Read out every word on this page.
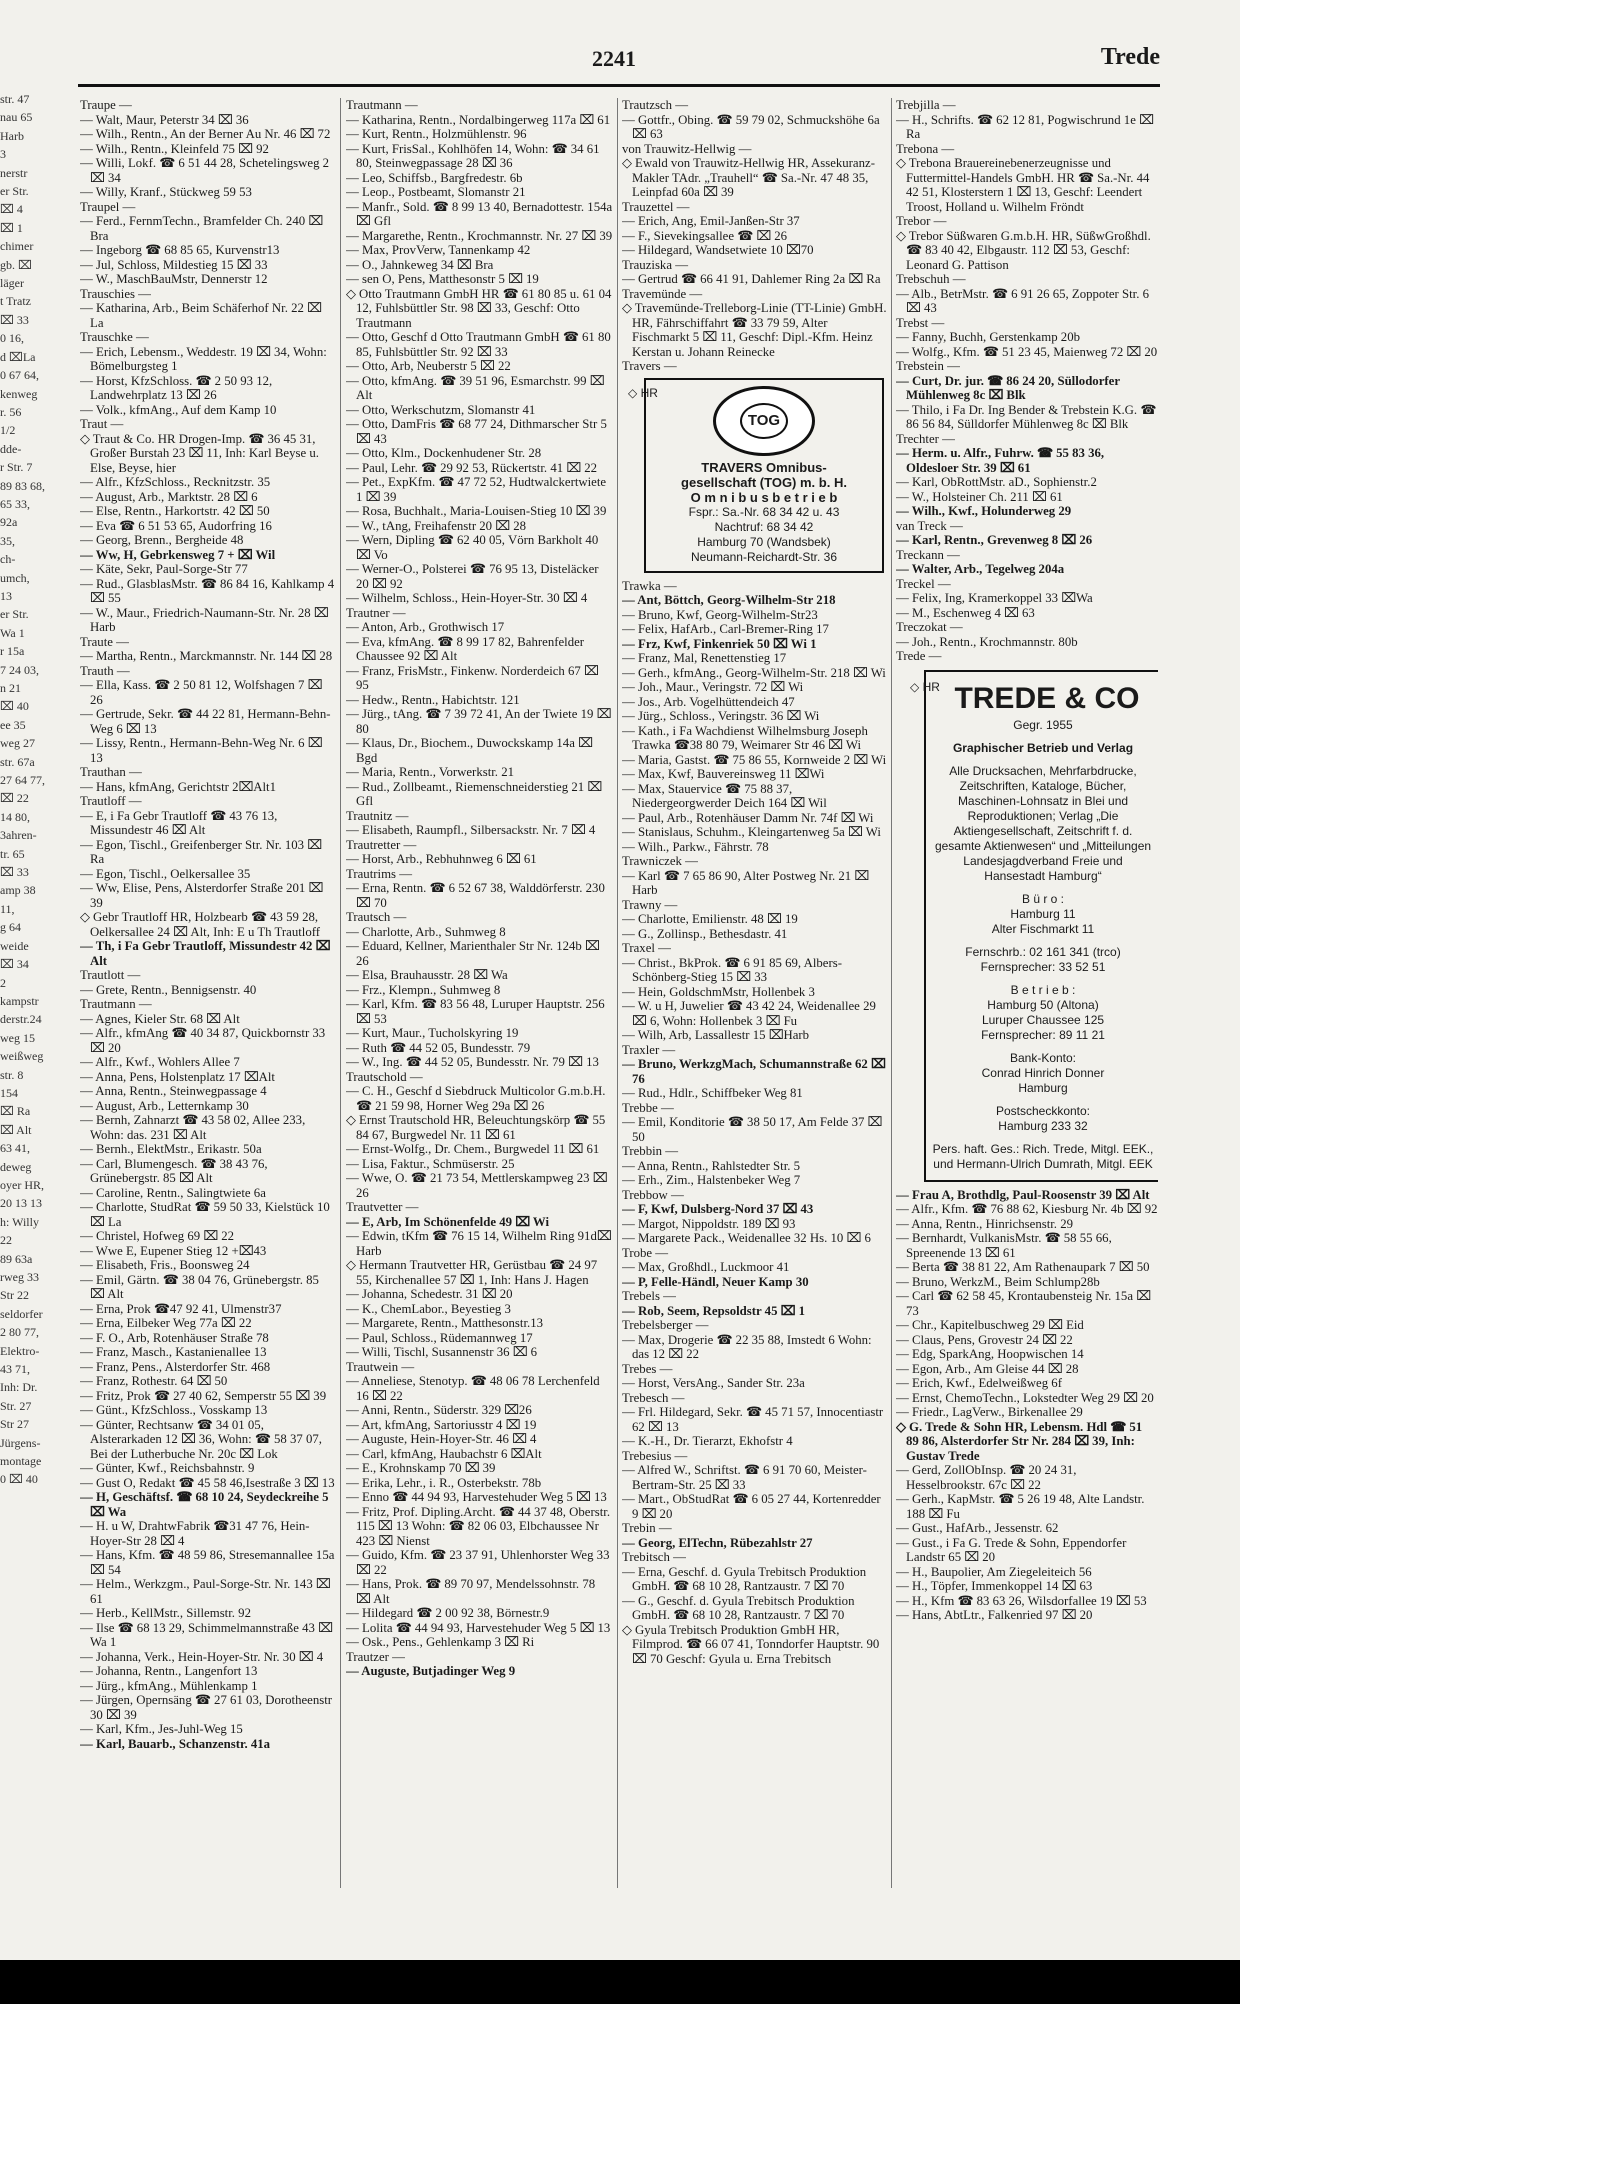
2241	Trede
str. 47
nau 65
Harb
3
nerstr
er Str.
⌧ 4
⌧ 1
chimer
gb. ⌧
läger
t Tratz
⌧ 33
0 16,
d ⌧La
0 67 64,
kenweg
r. 56
1/2
dde-
r Str. 7
89 83 68,
65 33,
92a
35,
ch-
umch,
13
er Str.
Wa 1
r 15a
7 24 03,
n 21
⌧ 40
ee 35
weg 27
str. 67a
27 64 77,
⌧ 22
14 80,
3ahren-
tr. 65
⌧ 33
amp 38
11,
g 64
weide
⌧ 34
2
kampstr
derstr.24
weg 15
weißweg
str. 8
154
⌧ Ra
⌧ Alt
63 41,
deweg
oyer HR,
20 13 13
h: Willy
22
89 63a
rweg 33
Str 22
seldorfer
2 80 77,
Elektro-
43 71,
Inh: Dr.
Str. 27
Str 27
Jürgens-
montage
0 ⌧ 40

Traupe —

— Walt, Maur, Peterstr 34 ⌧ 36

— Wilh., Rentn., An der Berner Au Nr. 46 ⌧ 72

— Wilh., Rentn., Kleinfeld 75 ⌧ 92

— Willi, Lokf. ☎ 6 51 44 28, Schetelingsweg 2 ⌧ 34

— Willy, Kranf., Stückweg 59 53

Traupel —

— Ferd., FernmTechn., Bramfelder Ch. 240 ⌧ Bra

— Ingeborg ☎ 68 85 65, Kurvenstr13

— Jul, Schloss, Mildestieg 15 ⌧ 33

— W., MaschBauMstr, Dennerstr 12

Trauschies —

— Katharina, Arb., Beim Schäferhof Nr. 22 ⌧ La

Trauschke —

— Erich, Lebensm., Weddestr. 19 ⌧ 34, Wohn: Bömelburgsteg 1

— Horst, KfzSchloss. ☎ 2 50 93 12, Landwehrplatz 13 ⌧ 26

— Volk., kfmAng., Auf dem Kamp 10

Traut —

◇ Traut & Co. HR Drogen-Imp. ☎ 36 45 31, Großer Burstah 23 ⌧ 11, Inh: Karl Beyse u. Else, Beyse, hier

— Alfr., KfzSchloss., Recknitzstr. 35

— August, Arb., Marktstr. 28 ⌧ 6

— Else, Rentn., Harkortstr. 42 ⌧ 50

— Eva ☎ 6 51 53 65, Audorfring 16

— Georg, Brenn., Bergheide 48

— Ww, H, Gebrkensweg 7 + ⌧ Wil

— Käte, Sekr, Paul-Sorge-Str 77

— Rud., GlasblasMstr. ☎ 86 84 16, Kahlkamp 4 ⌧ 55

— W., Maur., Friedrich-Naumann-Str. Nr. 28 ⌧ Harb

Traute —

— Martha, Rentn., Marckmannstr. Nr. 144 ⌧ 28

Trauth —

— Ella, Kass. ☎ 2 50 81 12, Wolfshagen 7 ⌧ 26

— Gertrude, Sekr. ☎ 44 22 81, Hermann-Behn-Weg 6 ⌧ 13

— Lissy, Rentn., Hermann-Behn-Weg Nr. 6 ⌧ 13

Trauthan —

— Hans, kfmAng, Gerichtstr 2⌧Alt1

Trautloff —

— E, i Fa Gebr Trautloff ☎ 43 76 13, Missundestr 46 ⌧ Alt

— Egon, Tischl., Greifenberger Str. Nr. 103 ⌧ Ra

— Egon, Tischl., Oelkersallee 35

— Ww, Elise, Pens, Alsterdorfer Straße 201 ⌧ 39

◇ Gebr Trautloff HR, Holzbearb ☎ 43 59 28, Oelkersallee 24 ⌧ Alt, Inh: E u Th Trautloff

— Th, i Fa Gebr Trautloff, Missundestr 42 ⌧ Alt

Trautlott —

— Grete, Rentn., Bennigsenstr. 40

Trautmann —

— Agnes, Kieler Str. 68 ⌧ Alt

— Alfr., kfmAng ☎ 40 34 87, Quickbornstr 33 ⌧ 20

— Alfr., Kwf., Wohlers Allee 7

— Anna, Pens, Holstenplatz 17 ⌧Alt

— Anna, Rentn., Steinwegpassage 4

— August, Arb., Letternkamp 30

— Bernh, Zahnarzt ☎ 43 58 02, Allee 233, Wohn: das. 231 ⌧ Alt

— Bernh., ElektMstr., Erikastr. 50a

— Carl, Blumengesch. ☎ 38 43 76, Grünebergstr. 85 ⌧ Alt

— Caroline, Rentn., Salingtwiete 6a

— Charlotte, StudRat ☎ 59 50 33, Kielstück 10 ⌧ La

— Christel, Hofweg 69 ⌧ 22

— Wwe E, Eupener Stieg 12 +⌧43

— Elisabeth, Fris., Boonsweg 24

— Emil, Gärtn. ☎ 38 04 76, Grünebergstr. 85 ⌧ Alt

— Erna, Prok ☎47 92 41, Ulmenstr37

— Erna, Eilbeker Weg 77a ⌧ 22

— F. O., Arb, Rotenhäuser Straße 78

— Franz, Masch., Kastanienallee 13

— Franz, Pens., Alsterdorfer Str. 468

— Franz, Rothestr. 64 ⌧ 50

— Fritz, Prok ☎ 27 40 62, Semperstr 55 ⌧ 39

— Günt., KfzSchloss., Vosskamp 13

— Günter, Rechtsanw ☎ 34 01 05, Alsterarkaden 12 ⌧ 36, Wohn: ☎ 58 37 07, Bei der Lutherbuche Nr. 20c ⌧ Lok

— Günter, Kwf., Reichsbahnstr. 9

— Gust O, Redakt ☎ 45 58 46,Isestraße 3 ⌧ 13

— H, Geschäftsf. ☎ 68 10 24, Seydeckreihe 5 ⌧ Wa

— H. u W, DrahtwFabrik ☎31 47 76, Hein-Hoyer-Str 28 ⌧ 4

— Hans, Kfm. ☎ 48 59 86, Stresemannallee 15a ⌧ 54

— Helm., Werkzgm., Paul-Sorge-Str. Nr. 143 ⌧ 61

— Herb., KellMstr., Sillemstr. 92

— Ilse ☎ 68 13 29, Schimmelmannstraße 43 ⌧ Wa 1

— Johanna, Verk., Hein-Hoyer-Str. Nr. 30 ⌧ 4

— Johanna, Rentn., Langenfort 13

— Jürg., kfmAng., Mühlenkamp 1

— Jürgen, Opernsäng ☎ 27 61 03, Dorotheenstr 30 ⌧ 39

— Karl, Kfm., Jes-Juhl-Weg 15

— Karl, Bauarb., Schanzenstr. 41a

Trautmann —

— Katharina, Rentn., Nordalbingerweg 117a ⌧ 61

— Kurt, Rentn., Holzmühlenstr. 96

— Kurt, FrisSal., Kohlhöfen 14, Wohn: ☎ 34 61 80, Steinwegpassage 28 ⌧ 36

— Leo, Schiffsb., Bargfredestr. 6b

— Leop., Postbeamt, Slomanstr 21

— Manfr., Sold. ☎ 8 99 13 40, Bernadottestr. 154a ⌧ Gfl

— Margarethe, Rentn., Krochmannstr. Nr. 27 ⌧ 39

— Max, ProvVerw, Tannenkamp 42

— O., Jahnkeweg 34 ⌧ Bra

— sen O, Pens, Matthesonstr 5 ⌧ 19

◇ Otto Trautmann GmbH HR ☎ 61 80 85 u. 61 04 12, Fuhlsbüttler Str. 98 ⌧ 33, Geschf: Otto Trautmann

— Otto, Geschf d Otto Trautmann GmbH ☎ 61 80 85, Fuhlsbüttler Str. 92 ⌧ 33

— Otto, Arb, Neuberstr 5 ⌧ 22

— Otto, kfmAng. ☎ 39 51 96, Esmarchstr. 99 ⌧ Alt

— Otto, Werkschutzm, Slomanstr 41

— Otto, DamFris ☎ 68 77 24, Dithmarscher Str 5 ⌧ 43

— Otto, Klm., Dockenhudener Str. 28

— Paul, Lehr. ☎ 29 92 53, Rückertstr. 41 ⌧ 22

— Pet., ExpKfm. ☎ 47 72 52, Hudtwalckertwiete 1 ⌧ 39

— Rosa, Buchhalt., Maria-Louisen-Stieg 10 ⌧ 39

— W., tAng, Freihafenstr 20 ⌧ 28

— Wern, Dipling ☎ 62 40 05, Vörn Barkholt 40 ⌧ Vo

— Werner-O., Polsterei ☎ 76 95 13, Disteläcker 20 ⌧ 92

— Wilhelm, Schloss., Hein-Hoyer-Str. 30 ⌧ 4

Trautner —

— Anton, Arb., Grothwisch 17

— Eva, kfmAng. ☎ 8 99 17 82, Bahrenfelder Chaussee 92 ⌧ Alt

— Franz, FrisMstr., Finkenw. Norderdeich 67 ⌧ 95

— Hedw., Rentn., Habichtstr. 121

— Jürg., tAng. ☎ 7 39 72 41, An der Twiete 19 ⌧ 80

— Klaus, Dr., Biochem., Duwockskamp 14a ⌧ Bgd

— Maria, Rentn., Vorwerkstr. 21

— Rud., Zollbeamt., Riemenschneiderstieg 21 ⌧ Gfl

Trautnitz —

— Elisabeth, Raumpfl., Silbersackstr. Nr. 7 ⌧ 4

Trautretter —

— Horst, Arb., Rebhuhnweg 6 ⌧ 61

Trautrims —

— Erna, Rentn. ☎ 6 52 67 38, Walddörferstr. 230 ⌧ 70

Trautsch —

— Charlotte, Arb., Suhmweg 8

— Eduard, Kellner, Marienthaler Str Nr. 124b ⌧ 26

— Elsa, Brauhausstr. 28 ⌧ Wa

— Frz., Klempn., Suhmweg 8

— Karl, Kfm. ☎ 83 56 48, Luruper Hauptstr. 256 ⌧ 53

— Kurt, Maur., Tucholskyring 19

— Ruth ☎ 44 52 05, Bundesstr. 79

— W., Ing. ☎ 44 52 05, Bundesstr. Nr. 79 ⌧ 13

Trautschold —

— C. H., Geschf d Siebdruck Multicolor G.m.b.H. ☎ 21 59 98, Horner Weg 29a ⌧ 26

◇ Ernst Trautschold HR, Beleuchtungskörp ☎ 55 84 67, Burgwedel Nr. 11 ⌧ 61

— Ernst-Wolfg., Dr. Chem., Burgwedel 11 ⌧ 61

— Lisa, Faktur., Schmüserstr. 25

— Wwe, O. ☎ 21 73 54, Mettlerskampweg 23 ⌧ 26

Trautvetter —

— E, Arb, Im Schönenfelde 49 ⌧ Wi

— Edwin, tKfm ☎ 76 15 14, Wilhelm Ring 91d⌧ Harb

◇ Hermann Trautvetter HR, Gerüstbau ☎ 24 97 55, Kirchenallee 57 ⌧ 1, Inh: Hans J. Hagen

— Johanna, Schedestr. 31 ⌧ 20

— K., ChemLabor., Beyestieg 3

— Margarete, Rentn., Matthesonstr.13

— Paul, Schloss., Rüdemannweg 17

— Willi, Tischl, Susannenstr 36 ⌧ 6

Trautwein —

— Anneliese, Stenotyp. ☎ 48 06 78 Lerchenfeld 16 ⌧ 22

— Anni, Rentn., Süderstr. 329 ⌧26

— Art, kfmAng, Sartoriusstr 4 ⌧ 19

— Auguste, Hein-Hoyer-Str. 46 ⌧ 4

— Carl, kfmAng, Haubachstr 6 ⌧Alt

— E., Krohnskamp 70 ⌧ 39

— Erika, Lehr., i. R., Osterbekstr. 78b

— Enno ☎ 44 94 93, Harvestehuder Weg 5 ⌧ 13

— Fritz, Prof. Dipling.Archt. ☎ 44 37 48, Oberstr. 115 ⌧ 13 Wohn: ☎ 82 06 03, Elbchaussee Nr 423 ⌧ Nienst

— Guido, Kfm. ☎ 23 37 91, Uhlenhorster Weg 33 ⌧ 22

— Hans, Prok. ☎ 89 70 97, Mendelssohnstr. 78 ⌧ Alt

— Hildegard ☎ 2 00 92 38, Börnestr.9

— Lolita ☎ 44 94 93, Harvestehuder Weg 5 ⌧ 13

— Osk., Pens., Gehlenkamp 3 ⌧ Ri

Trautzer —

— Auguste, Butjadinger Weg 9

Trautzsch —

— Gottfr., Obing. ☎ 59 79 02, Schmuckshöhe 6a ⌧ 63

von Trauwitz-Hellwig —

◇ Ewald von Trauwitz-Hellwig HR, Assekuranz-Makler TAdr. „Trauhell“ ☎ Sa.-Nr. 47 48 35, Leinpfad 60a ⌧ 39

Trauzettel —

— Erich, Ang, Emil-Janßen-Str 37

— F., Sievekingsallee ☎ ⌧ 26

— Hildegard, Wandsetwiete 10 ⌧70

Trauziska —

— Gertrud ☎ 66 41 91, Dahlemer Ring 2a ⌧ Ra

Travemünde —

◇ Travemünde-Trelleborg-Linie (TT-Linie) GmbH. HR, Fährschiffahrt ☎ 33 79 59, Alter Fischmarkt 5 ⌧ 11, Geschf: Dipl.-Kfm. Heinz Kerstan u. Johann Reinecke

Travers —

◇ HR
TOG
TRAVERS Omnibus-
gesellschaft (TOG) m. b. H.
O m n i b u s b e t r i e b
Fspr.: Sa.-Nr. 68 34 42 u. 43
Nachtruf: 68 34 42
Hamburg 70 (Wandsbek)
Neumann-Reichardt-Str. 36

Trawka —

— Ant, Böttch, Georg-Wilhelm-Str 218

— Bruno, Kwf, Georg-Wilhelm-Str23

— Felix, HafArb., Carl-Bremer-Ring 17

— Frz, Kwf, Finkenriek 50 ⌧ Wi 1

— Franz, Mal, Renettenstieg 17

— Gerh., kfmAng., Georg-Wilhelm-Str. 218 ⌧ Wi

— Joh., Maur., Veringstr. 72 ⌧ Wi

— Jos., Arb. Vogelhüttendeich 47

— Jürg., Schloss., Veringstr. 36 ⌧ Wi

— Kath., i Fa Wachdienst Wilhelmsburg Joseph Trawka ☎38 80 79, Weimarer Str 46 ⌧ Wi

— Maria, Gastst. ☎ 75 86 55, Kornweide 2 ⌧ Wi

— Max, Kwf, Bauvereinsweg 11 ⌧Wi

— Max, Stauervice ☎ 75 88 37, Niedergeorgwerder Deich 164 ⌧ Wil

— Paul, Arb., Rotenhäuser Damm Nr. 74f ⌧ Wi

— Stanislaus, Schuhm., Kleingartenweg 5a ⌧ Wi

— Wilh., Parkw., Fährstr. 78

Trawniczek —

— Karl ☎ 7 65 86 90, Alter Postweg Nr. 21 ⌧ Harb

Trawny —

— Charlotte, Emilienstr. 48 ⌧ 19

— G., Zollinsp., Bethesdastr. 41

Traxel —

— Christ., BkProk. ☎ 6 91 85 69, Albers-Schönberg-Stieg 15 ⌧ 33

— Hein, GoldschmMstr, Hollenbek 3

— W. u H, Juwelier ☎ 43 42 24, Weidenallee 29 ⌧ 6, Wohn: Hollenbek 3 ⌧ Fu

— Wilh, Arb, Lassallestr 15 ⌧Harb

Traxler —

— Bruno, WerkzgMach, Schumannstraße 62 ⌧ 76

— Rud., Hdlr., Schiffbeker Weg 81

Trebbe —

— Emil, Konditorie ☎ 38 50 17, Am Felde 37 ⌧ 50

Trebbin —

— Anna, Rentn., Rahlstedter Str. 5

— Erh., Zim., Halstenbeker Weg 7

Trebbow —

— F, Kwf, Dulsberg-Nord 37 ⌧ 43

— Margot, Nippoldstr. 189 ⌧ 93

— Margarete Pack., Weidenallee 32 Hs. 10 ⌧ 6

Trobe —

— Max, Großhdl., Luckmoor 41

— P, Felle-Händl, Neuer Kamp 30

Trebels —

— Rob, Seem, Repsoldstr 45 ⌧ 1

Trebelsberger —

— Max, Drogerie ☎ 22 35 88, Imstedt 6 Wohn: das 12 ⌧ 22

Trebes —

— Horst, VersAng., Sander Str. 23a

Trebesch —

— Frl. Hildegard, Sekr. ☎ 45 71 57, Innocentiastr 62 ⌧ 13

— K.-H., Dr. Tierarzt, Ekhofstr 4

Trebesius —

— Alfred W., Schriftst. ☎ 6 91 70 60, Meister-Bertram-Str. 25 ⌧ 33

— Mart., ObStudRat ☎ 6 05 27 44, Kortenredder 9 ⌧ 20

Trebin —

— Georg, ElTechn, Rübezahlstr 27

Trebitsch —

— Erna, Geschf. d. Gyula Trebitsch Produktion GmbH. ☎ 68 10 28, Rantzaustr. 7 ⌧ 70

— G., Geschf. d. Gyula Trebitsch Produktion GmbH. ☎ 68 10 28, Rantzaustr. 7 ⌧ 70

◇ Gyula Trebitsch Produktion GmbH HR, Filmprod. ☎ 66 07 41, Tonndorfer Hauptstr. 90 ⌧ 70 Geschf: Gyula u. Erna Trebitsch

Trebjilla —

— H., Schrifts. ☎ 62 12 81, Pogwischrund 1e ⌧ Ra

Trebona —

◇ Trebona Brauereinebenerzeugnisse und Futtermittel-Handels GmbH. HR ☎ Sa.-Nr. 44 42 51, Klosterstern 1 ⌧ 13, Geschf: Leendert Troost, Holland u. Wilhelm Fröndt

Trebor —

◇ Trebor Süßwaren G.m.b.H. HR, SüßwGroßhdl. ☎ 83 40 42, Elbgaustr. 112 ⌧ 53, Geschf: Leonard G. Pattison

Trebschuh —

— Alb., BetrMstr. ☎ 6 91 26 65, Zoppoter Str. 6 ⌧ 43

Trebst —

— Fanny, Buchh, Gerstenkamp 20b

— Wolfg., Kfm. ☎ 51 23 45, Maienweg 72 ⌧ 20

Trebstein —

— Curt, Dr. jur. ☎ 86 24 20, Süllodorfer Mühlenweg 8c ⌧ Blk

— Thilo, i Fa Dr. Ing Bender & Trebstein K.G. ☎ 86 56 84, Sülldorfer Mühlenweg 8c ⌧ Blk

Trechter —

— Herm. u. Alfr., Fuhrw. ☎ 55 83 36, Oldesloer Str. 39 ⌧ 61

— Karl, ObRottMstr. aD., Sophienstr.2

— W., Holsteiner Ch. 211 ⌧ 61

— Wilh., Kwf., Holunderweg 29

van Treck —

— Karl, Rentn., Grevenweg 8 ⌧ 26

Treckann —

— Walter, Arb., Tegelweg 204a

Treckel —

— Felix, Ing, Kramerkoppel 33 ⌧Wa

— M., Eschenweg 4 ⌧ 63

Treczokat —

— Joh., Rentn., Krochmannstr. 80b

Trede —

◇ HR TREDE & CO

Gegr. 1955

Graphischer Betrieb und Verlag

Alle Drucksachen, Mehrfarbdrucke, Zeitschriften, Kataloge, Bücher, Maschinen-Lohnsatz in Blei und Reproduktionen; Verlag „Die Aktiengesellschaft, Zeitschrift f. d. gesamte Aktienwesen“ und „Mitteilungen Landesjagdverband Freie und Hansestadt Hamburg“

B ü r o :
Hamburg 11

Alter Fischmarkt 11

Fernschrb.: 02 161 341 (trco)

Fernsprecher: 33 52 51

B e t r i e b :
Hamburg 50 (Altona)
Luruper Chaussee 125

Fernsprecher: 89 11 21

Bank-Konto:
Conrad Hinrich Donner

Hamburg

Postscheckkonto:

Hamburg 233 32

Pers. haft. Ges.: Rich. Trede, Mitgl. EEK., und Hermann-Ulrich Dumrath, Mitgl. EEK

— Frau A, Brothdlg, Paul-Roosenstr 39 ⌧ Alt

— Alfr., Kfm. ☎ 76 88 62, Kiesburg Nr. 4b ⌧ 92

— Anna, Rentn., Hinrichsenstr. 29

— Bernhardt, VulkanisMstr. ☎ 58 55 66, Spreenende 13 ⌧ 61

— Berta ☎ 38 81 22, Am Rathenaupark 7 ⌧ 50

— Bruno, WerkzM., Beim Schlump28b

— Carl ☎ 62 58 45, Krontaubensteig Nr. 15a ⌧ 73

— Chr., Kapitelbuschweg 29 ⌧ Eid

— Claus, Pens, Grovestr 24 ⌧ 22

— Edg, SparkAng, Hoopwischen 14

— Egon, Arb., Am Gleise 44 ⌧ 28

— Erich, Kwf., Edelweißweg 6f

— Ernst, ChemoTechn., Lokstedter Weg 29 ⌧ 20

— Friedr., LagVerw., Birkenallee 29

◇ G. Trede & Sohn HR, Lebensm. Hdl ☎ 51 89 86, Alsterdorfer Str Nr. 284 ⌧ 39, Inh: Gustav Trede

— Gerd, ZollObInsp. ☎ 20 24 31, Hesselbrookstr. 67c ⌧ 22

— Gerh., KapMstr. ☎ 5 26 19 48, Alte Landstr. 188 ⌧ Fu

— Gust., HafArb., Jessenstr. 62

— Gust., i Fa G. Trede & Sohn, Eppendorfer Landstr 65 ⌧ 20

— H., Baupolier, Am Ziegeleiteich 56

— H., Töpfer, Immenkoppel 14 ⌧ 63

— H., Kfm ☎ 83 63 26, Wilsdorfallee 19 ⌧ 53

— Hans, AbtLtr., Falkenried 97 ⌧ 20
